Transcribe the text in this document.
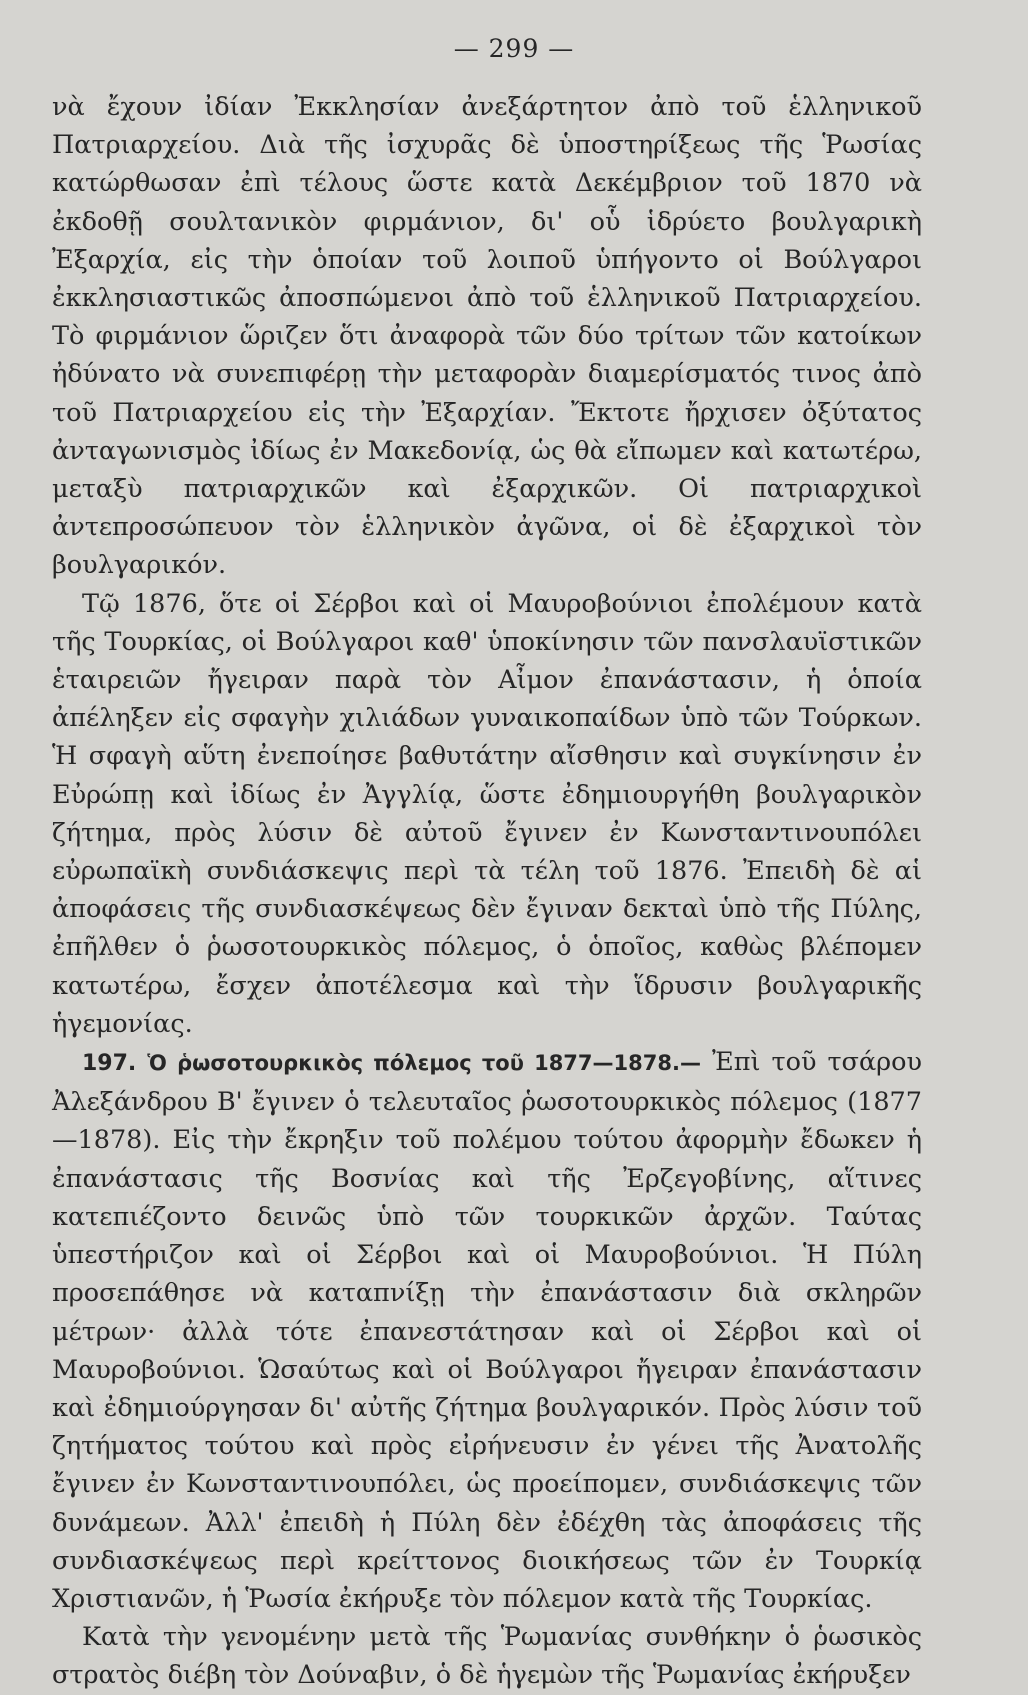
— 299 —

νὰ ἔχουν ἰδίαν Ἐκκλησίαν ἀνεξάρτητον ἀπὸ τοῦ ἑλληνικοῦ Πατριαρχείου. Διὰ τῆς ἰσχυρᾶς δὲ ὑποστηρίξεως τῆς Ῥωσίας κατώρθωσαν ἐπὶ τέλους ὥστε κατὰ Δεκέμβριον τοῦ 1870 νὰ ἐκδοθῇ σουλτανικὸν φιρμάνιον, δι' οὗ ἱδρύετο βουλγαρικὴ Ἐξαρχία, εἰς τὴν ὁποίαν τοῦ λοιποῦ ὑπήγοντο οἱ Βούλγαροι ἐκκλησιαστικῶς ἀποσπώμενοι ἀπὸ τοῦ ἑλληνικοῦ Πατριαρχείου. Τὸ φιρμάνιον ὥριζεν ὅτι ἀναφορὰ τῶν δύο τρίτων τῶν κατοίκων ἠδύνατο νὰ συνεπιφέρῃ τὴν μεταφορὰν διαμερίσματός τινος ἀπὸ τοῦ Πατριαρχείου εἰς τὴν Ἐξαρχίαν. Ἔκτοτε ἤρχισεν ὀξύτατος ἀνταγωνισμὸς ἰδίως ἐν Μακεδονίᾳ, ὡς θὰ εἴπωμεν καὶ κατωτέρω, μεταξὺ πατριαρχικῶν καὶ ἐξαρχικῶν. Οἱ πατριαρχικοὶ ἀντεπροσώπευον τὸν ἑλληνικὸν ἀγῶνα, οἱ δὲ ἐξαρχικοὶ τὸν βουλγαρικόν.

Τῷ 1876, ὅτε οἱ Σέρβοι καὶ οἱ Μαυροβούνιοι ἐπολέμουν κατὰ τῆς Τουρκίας, οἱ Βούλγαροι καθ' ὑποκίνησιν τῶν πανσλαυϊστικῶν ἑταιρειῶν ἤγειραν παρὰ τὸν Αἶμον ἐπανάστασιν, ἡ ὁποία ἀπέληξεν εἰς σφαγὴν χιλιάδων γυναικοπαίδων ὑπὸ τῶν Τούρκων. Ἡ σφαγὴ αὕτη ἐνεποίησε βαθυτάτην αἴσθησιν καὶ συγκίνησιν ἐν Εὐρώπῃ καὶ ἰδίως ἐν Ἀγγλίᾳ, ὥστε ἐδημιουργήθη βουλγαρικὸν ζήτημα, πρὸς λύσιν δὲ αὐτοῦ ἔγινεν ἐν Κωνσταντινουπόλει εὐρωπαϊκὴ συνδιάσκεψις περὶ τὰ τέλη τοῦ 1876. Ἐπειδὴ δὲ αἱ ἀποφάσεις τῆς συνδιασκέψεως δὲν ἔγιναν δεκταὶ ὑπὸ τῆς Πύλης, ἐπῆλθεν ὁ ῥωσοτουρκικὸς πόλεμος, ὁ ὁποῖος, καθὼς βλέπομεν κατωτέρω, ἔσχεν ἀποτέλεσμα καὶ τὴν ἵδρυσιν βουλγαρικῆς ἡγεμονίας.

197. Ὁ ῥωσοτουρκικὸς πόλεμος τοῦ 1877—1878.— Ἐπὶ τοῦ τσάρου Ἀλεξάνδρου Β' ἔγινεν ὁ τελευταῖος ῥωσοτουρκικὸς πόλεμος (1877—1878). Εἰς τὴν ἔκρηξιν τοῦ πολέμου τούτου ἀφορμὴν ἔδωκεν ἡ ἐπανάστασις τῆς Βοσνίας καὶ τῆς Ἐρζεγοβίνης, αἵτινες κατεπιέζοντο δεινῶς ὑπὸ τῶν τουρκικῶν ἀρχῶν. Ταύτας ὑπεστήριζον καὶ οἱ Σέρβοι καὶ οἱ Μαυροβούνιοι. Ἡ Πύλη προσεπάθησε νὰ καταπνίξῃ τὴν ἐπανάστασιν διὰ σκληρῶν μέτρων· ἀλλὰ τότε ἐπανεστάτησαν καὶ οἱ Σέρβοι καὶ οἱ Μαυροβούνιοι. Ὡσαύτως καὶ οἱ Βούλγαροι ἤγειραν ἐπανάστασιν καὶ ἐδημιούργησαν δι' αὐτῆς ζήτημα βουλγαρικόν. Πρὸς λύσιν τοῦ ζητήματος τούτου καὶ πρὸς εἰρήνευσιν ἐν γένει τῆς Ἀνατολῆς ἔγινεν ἐν Κωνσταντινουπόλει, ὡς προείπομεν, συνδιάσκεψις τῶν δυνάμεων. Ἀλλ' ἐπειδὴ ἡ Πύλη δὲν ἐδέχθη τὰς ἀποφάσεις τῆς συνδιασκέψεως περὶ κρείττονος διοικήσεως τῶν ἐν Τουρκίᾳ Χριστιανῶν, ἡ Ῥωσία ἐκήρυξε τὸν πόλεμον κατὰ τῆς Τουρκίας.

Κατὰ τὴν γενομένην μετὰ τῆς Ῥωμανίας συνθήκην ὁ ῥωσικὸς στρατὸς διέβη τὸν Δούναβιν, ὁ δὲ ἡγεμὼν τῆς Ῥωμανίας ἐκήρυξεν
